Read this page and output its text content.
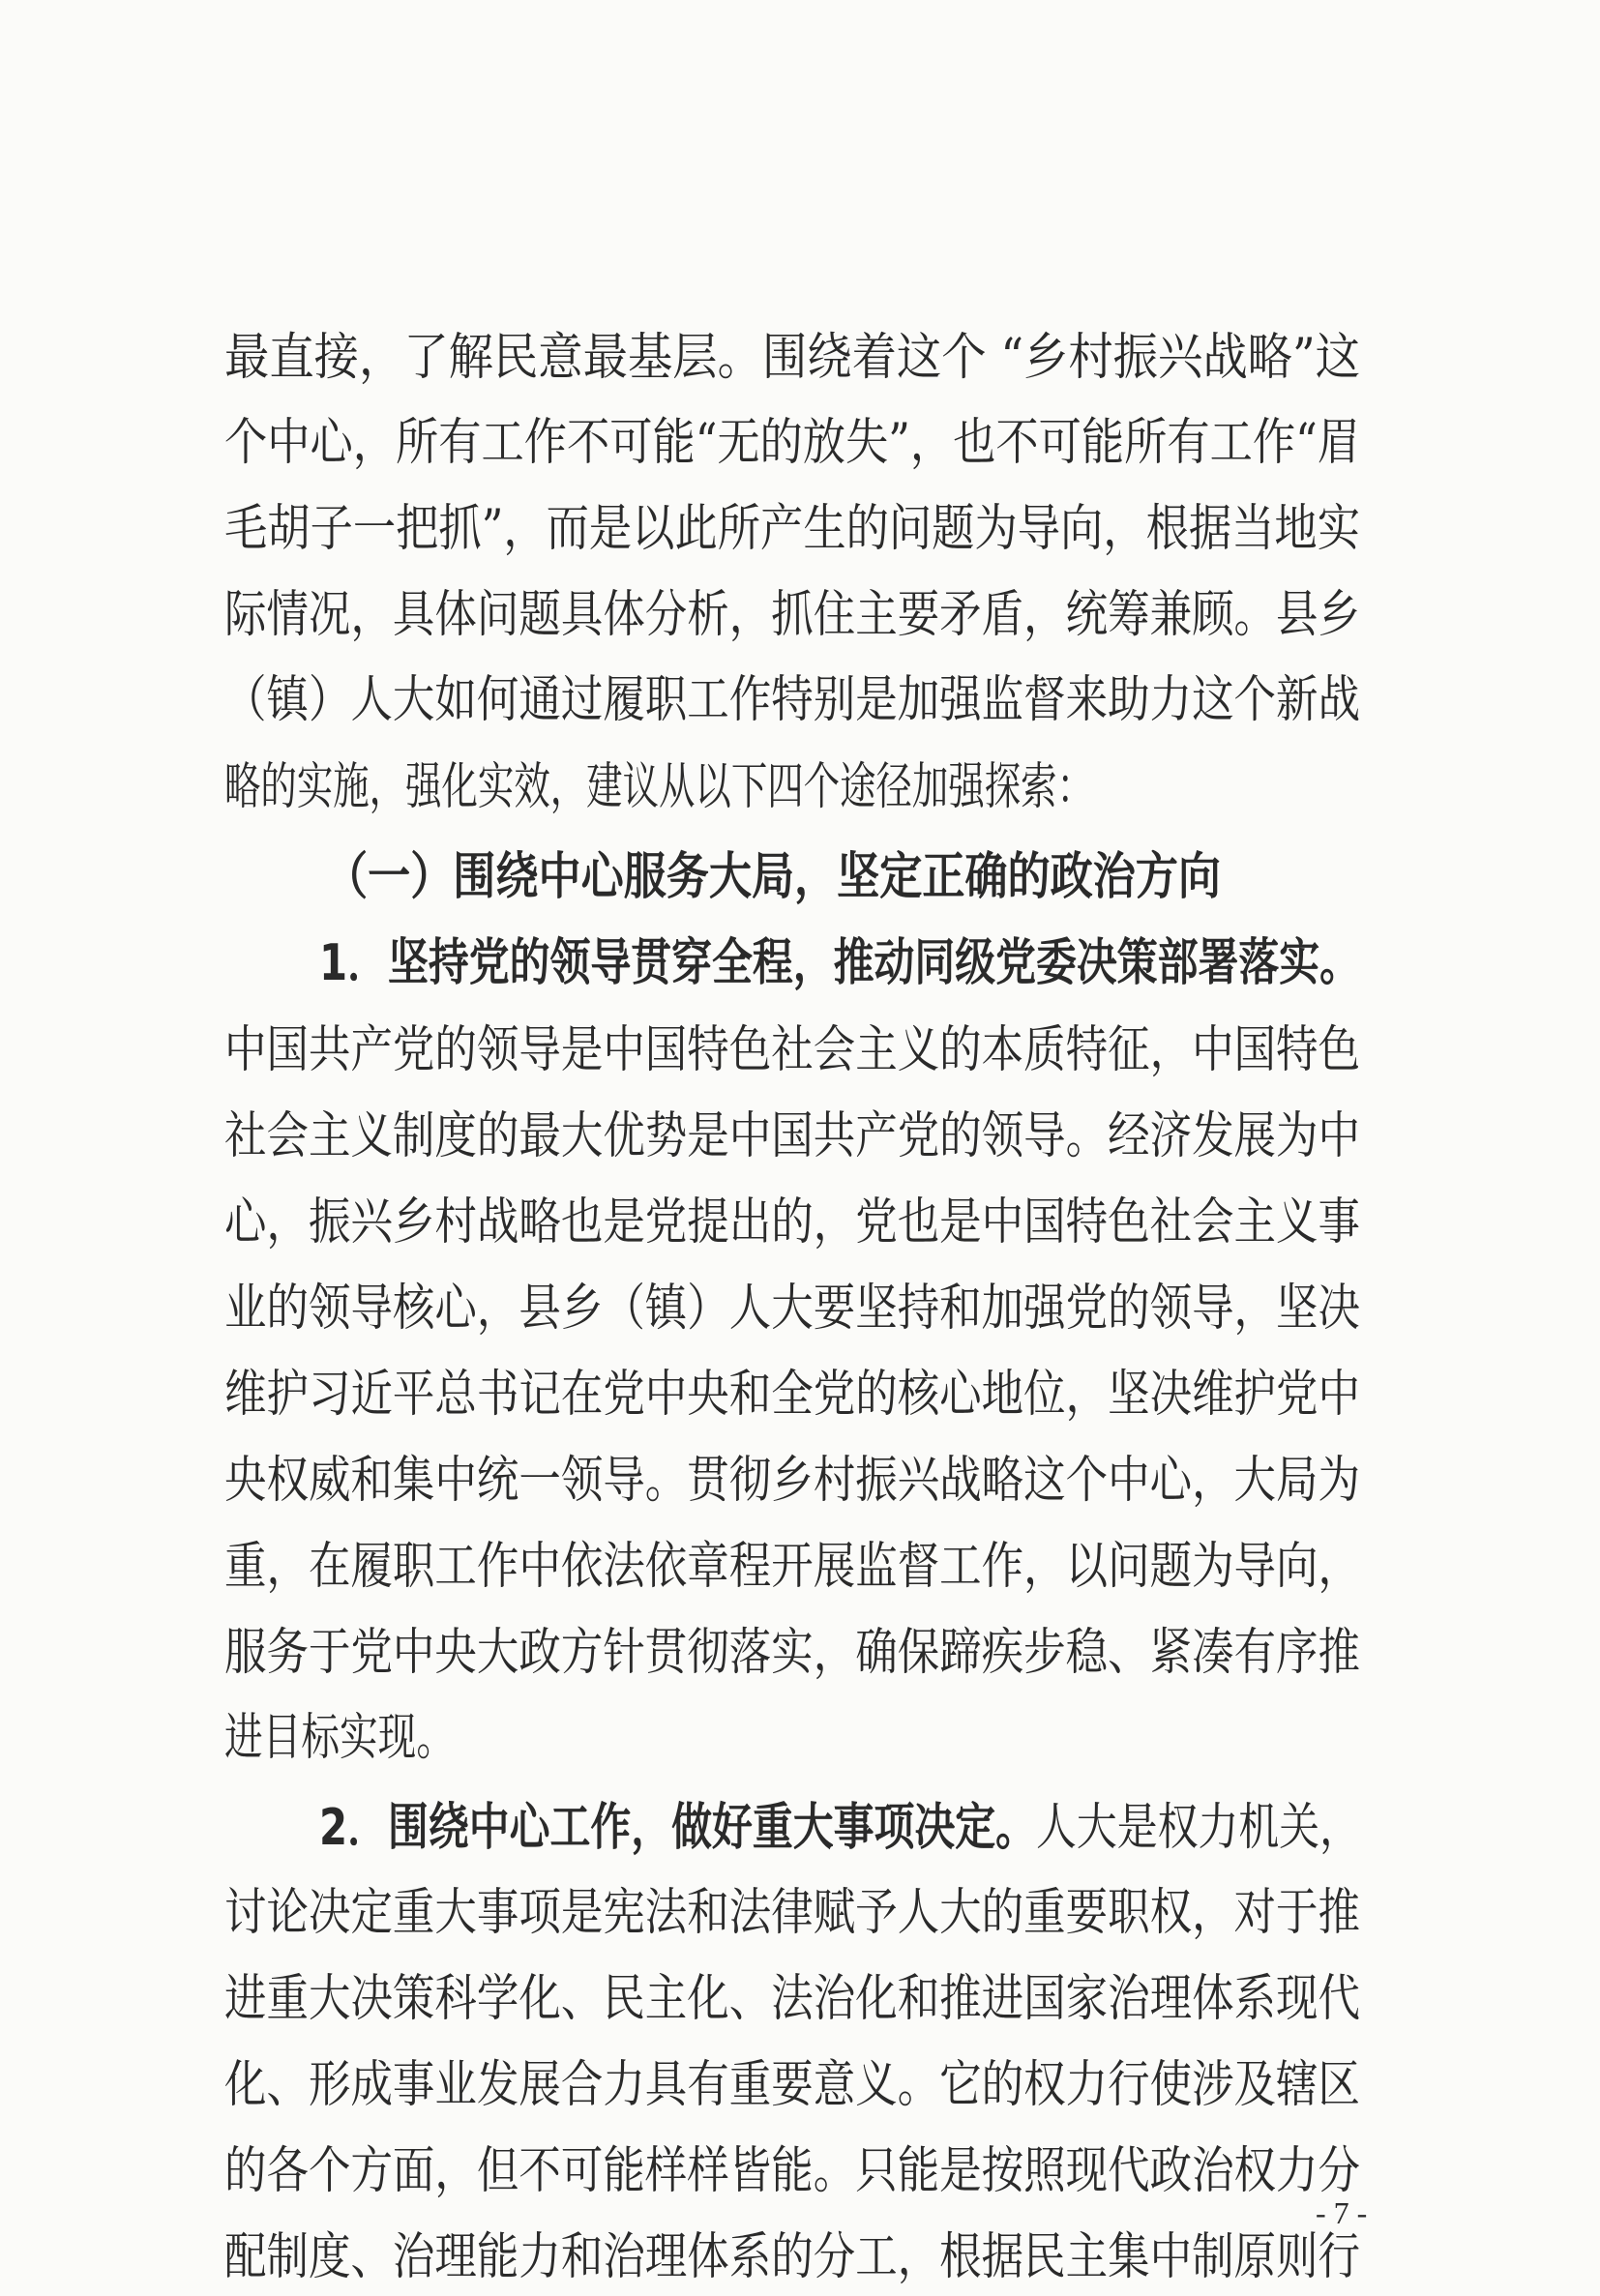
最直接，了解民意最基层。围绕着这个 “乡村振兴战略”这

个中心，所有工作不可能“无的放失”，也不可能所有工作“眉

毛胡子一把抓”，而是以此所产生的问题为导向，根据当地实

际情况，具体问题具体分析，抓住主要矛盾，统筹兼顾。县乡

（镇）人大如何通过履职工作特别是加强监督来助力这个新战

略的实施，强化实效，建议从以下四个途径加强探索：

（一）围绕中心服务大局，坚定正确的政治方向

1．坚持党的领导贯穿全程，推动同级党委决策部署落实。

中国共产党的领导是中国特色社会主义的本质特征，中国特色

社会主义制度的最大优势是中国共产党的领导。经济发展为中

心，振兴乡村战略也是党提出的，党也是中国特色社会主义事

业的领导核心，县乡（镇）人大要坚持和加强党的领导，坚决

维护习近平总书记在党中央和全党的核心地位，坚决维护党中

央权威和集中统一领导。贯彻乡村振兴战略这个中心，大局为

重，在履职工作中依法依章程开展监督工作，以问题为导向，

服务于党中央大政方针贯彻落实，确保蹄疾步稳、紧凑有序推

进目标实现。

2．围绕中心工作，做好重大事项决定。人大是权力机关，

讨论决定重大事项是宪法和法律赋予人大的重要职权，对于推

进重大决策科学化、民主化、法治化和推进国家治理体系现代

化、形成事业发展合力具有重要意义。它的权力行使涉及辖区

的各个方面，但不可能样样皆能。只能是按照现代政治权力分

配制度、治理能力和治理体系的分工，根据民主集中制原则行

- 7 -
